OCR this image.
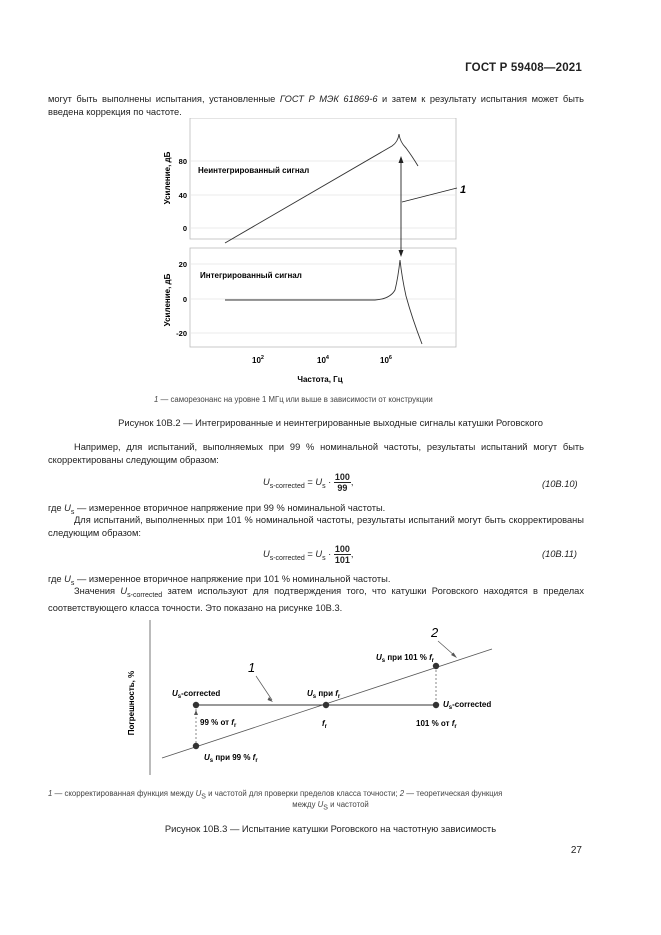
ГОСТ Р 59408—2021
могут быть выполнены испытания, установленные ГОСТ Р МЭК 61869-6 и затем к результату испытания может быть введена коррекция по частоте.
Усиление, дБ 80
40
0
Усиление, дБ
20
0
-20
Неинтегрированный сигнал
Интегрированный сигнал
1
$10^2$	$10^4$	$10^6$
Частота, Гц
1 — саморезонанс на уровне 1 МГц или выше в зависимости от конструкции
Рисунок 10В.2 — Интегрированные и неинтегрированные выходные сигналы катушки Роговского
Например, для испытаний, выполняемых при 99 % номинальной частоты, результаты испытаний могут быть скорректированы следующим образом:
$U_{s-corrected} = U_s \cdot \frac{100}{99}$ ,	(10В.10)
где $U_s$ — измеренное вторичное напряжение при 99 % номинальной частоты.
Для испытаний, выполненных при 101 % номинальной частоты, результаты испытаний могут быть скорректированы следующим образом:
$U_{s-corrected} = U_s \cdot \frac{100}{101}$ ,	(10В.11)
где $U_s$ — измеренное вторичное напряжение при 101 % номинальной частоты.
Значения $U_{s-corrected}$ затем используют для подтверждения того, что катушки Роговского находятся в пределах соответствующего класса точности. Это показано на рисунке 10В.3.
Погрешность, %
1
2
$U_s$ при 101 % $f_r$
$U_s$-corrected	$U_s$ при $f_r$
$U_s$-corrected
99 % от $f_r$	$f_r$	101 % от $f_r$
$U_s$ при 99 % $f_r$
1 — скорректированная функция между $U_S$ и частотой для проверки пределов класса точности; 2 — теоретическая функция
между $U_S$ и частотой
Рисунок 10В.3 — Испытание катушки Роговского на частотную зависимость
27
